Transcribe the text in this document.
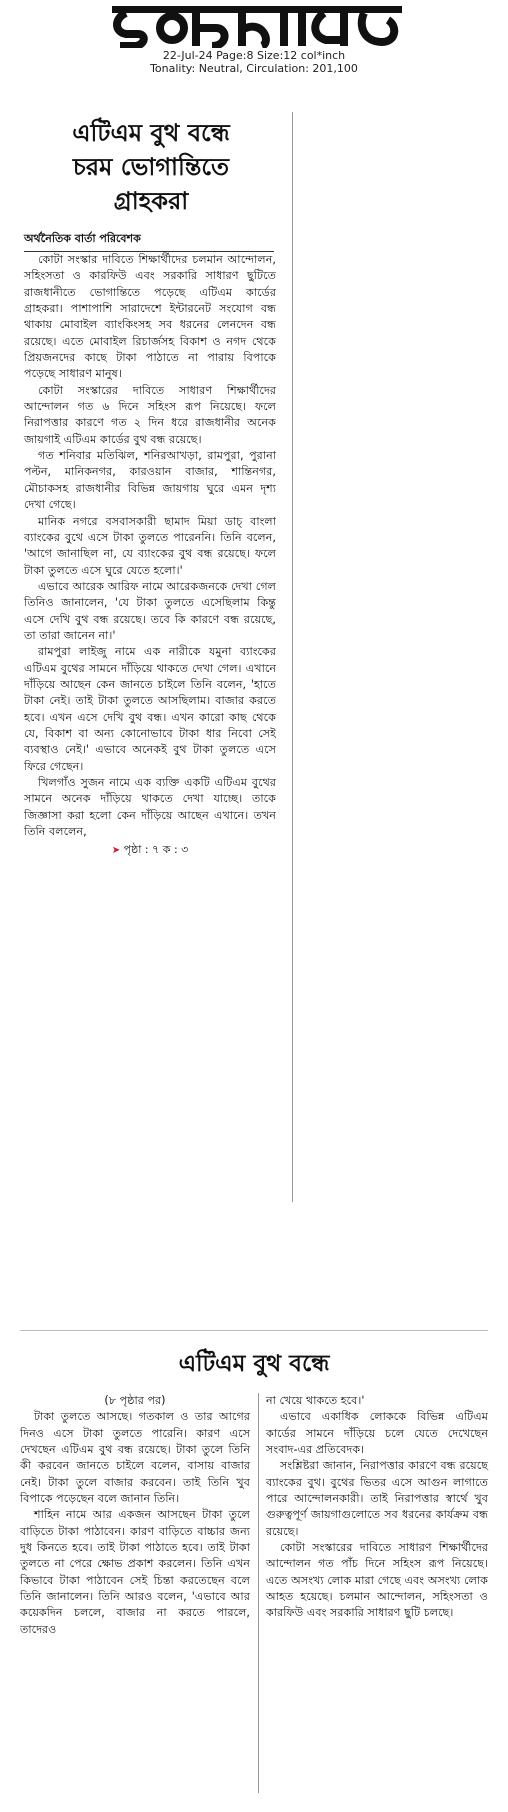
22-Jul-24 Page:8 Size:12 col*inch
Tonality: Neutral, Circulation: 201,100
এটিএম বুথ বন্ধে
চরম ভোগান্তিতে
গ্রাহকরা
অর্থনৈতিক বার্তা পরিবেশক

কোটা সংস্কার দাবিতে শিক্ষার্থীদের চলমান আন্দোলন, সহিংসতা ও কারফিউ এবং সরকারি সাধারণ ছুটিতে রাজধানীতে ভোগান্তিতে পড়েছে এটিএম কার্ডের গ্রাহকরা। পাশাপাশি সারাদেশে ইন্টারনেট সংযোগ বন্ধ থাকায় মোবাইল ব্যাংকিংসহ সব ধরনের লেনদেন বন্ধ রয়েছে। এতে মোবাইল রিচার্জসহ বিকাশ ও নগদ থেকে প্রিয়জনদের কাছে টাকা পাঠাতে না পারায় বিপাকে পড়েছে সাধারণ মানুষ।

কোটা সংস্কারের দাবিতে সাধারণ শিক্ষার্থীদের আন্দোলন গত ৬ দিনে সহিংস রূপ নিয়েছে। ফলে নিরাপত্তার কারণে গত ২ দিন ধরে রাজধানীর অনেক জায়গাই এটিএম কার্ডের বুথ বন্ধ রয়েছে।

গত শনিবার মতিঝিল, শনিরআখড়া, রামপুরা, পুরানা পল্টন, মানিকনগর, কারওয়ান বাজার, শান্তিনগর, মৌচাকসহ রাজধানীর বিভিন্ন জায়গায় ঘুরে এমন দৃশ্য দেখা গেছে।

মানিক নগরে বসবাসকারী ছামাদ মিয়া ডাচ্ বাংলা ব্যাংকের বুথে এসে টাকা তুলতে পারেননি। তিনি বলেন, 'আগে জানাছিল না, যে ব্যাংকের বুথ বন্ধ রয়েছে। ফলে টাকা তুলতে এসে ঘুরে যেতে হলো।'

এভাবে আরেক আরিফ নামে আরেকজনকে দেখা গেল তিনিও জানালেন, 'যে টাকা তুলতে এসেছিলাম কিন্তু এসে দেখি বুথ বন্ধ রয়েছে। তবে কি কারণে বন্ধ রয়েছে, তা তারা জানেন না।'

রামপুরা লাইজু নামে এক নারীকে যমুনা ব্যাংকের এটিএম বুথের সামনে দাঁড়িয়ে থাকতে দেখা গেল। এখানে দাঁড়িয়ে আছেন কেন জানতে চাইলে তিনি বলেন, 'হাতে টাকা নেই। তাই টাকা তুলতে আসছিলাম। বাজার করতে হবে। এখন এসে দেখি বুথ বন্ধ। এখন কারো কাছ থেকে যে, বিকাশ বা অন্য কোনোভাবে টাকা ধার নিবো সেই ব্যবস্থাও নেই।' এভাবে অনেকই বুথ টাকা তুলতে এসে ফিরে গেছেন।

খিলগাঁও সুজন নামে এক ব্যক্তি একটি এটিএম বুথের সামনে অনেক দাঁড়িয়ে থাকতে দেখা যাচ্ছে। তাকে জিজ্ঞাসা করা হলো কেন দাঁড়িয়ে আছেন এখানে। তখন তিনি বললেন,

➤ পৃষ্ঠা : ৭ ক : ৩
এটিএম বুথ বন্ধে
(৮ পৃষ্ঠার পর)

টাকা তুলতে আসছে। গতকাল ও তার আগের দিনও এসে টাকা তুলতে পারেনি। কারণ এসে দেখছেন এটিএম বুথ বন্ধ রয়েছে। টাকা তুলে তিনি কী করবেন জানতে চাইলে বলেন, বাসায় বাজার নেই। টাকা তুলে বাজার করবেন। তাই তিনি খুব বিপাকে পড়েছেন বলে জানান তিনি।

শাহিন নামে আর একজন আসছেন টাকা তুলে বাড়িতে টাকা পাঠাবেন। কারণ বাড়িতে বাচ্চার জন্য দুধ কিনতে হবে। তাই টাকা পাঠাতে হবে। তাই টাকা তুলতে না পেরে ক্ষোভ প্রকাশ করলেন। তিনি এখন কিভাবে টাকা পাঠাবেন সেই চিন্তা করতেছেন বলে তিনি জানালেন। তিনি আরও বলেন, 'এভাবে আর কয়েকদিন চললে, বাজার না করতে পারলে, তাদেরও

না খেয়ে থাকতে হবে।'

এভাবে একাধিক লোককে বিভিন্ন এটিএম কার্ডের সামনে দাঁড়িয়ে চলে যেতে দেখেছেন সংবাদ-এর প্রতিবেদক।

সংশ্লিষ্টরা জানান, নিরাপত্তার কারণে বন্ধ রয়েছে ব্যাংকের বুথ। বুথের ভিতর এসে আগুন লাগাতে পারে আন্দোলনকারী। তাই নিরাপত্তার স্বার্থে খুব গুরুত্বপূর্ণ জায়গাগুলোতে সব ধরনের কার্যক্রম বন্ধ রয়েছে।

কোটা সংস্কারের দাবিতে সাধারণ শিক্ষার্থীদের আন্দোলন গত পাঁচ দিনে সহিংস রূপ নিয়েছে। এতে অসংখ্য লোক মারা গেছে এবং অসংখ্য লোক আহত হয়েছে। চলমান আন্দোলন, সহিংসতা ও কারফিউ এবং সরকারি সাধারণ ছুটি চলছে।
